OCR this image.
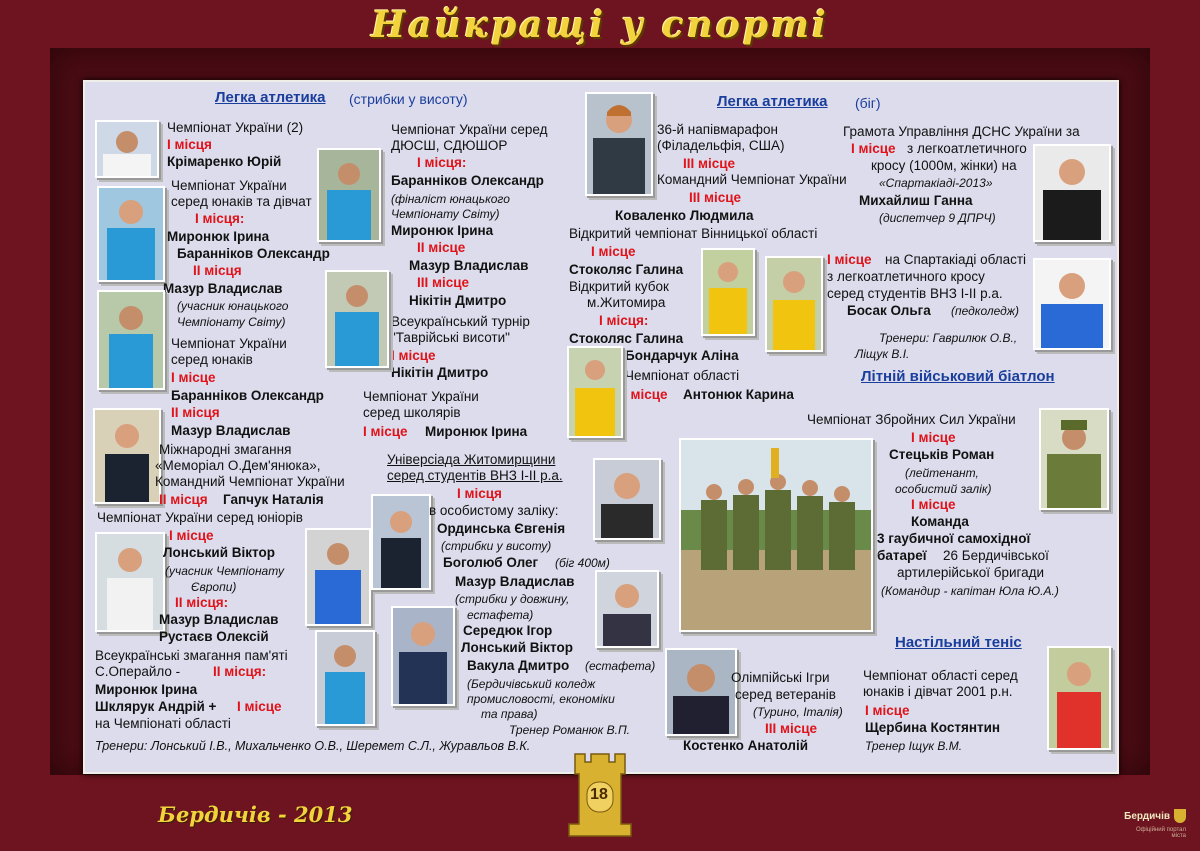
Найкращі у спорті
Легка атлетика (стрибки у висоту)
Чемпіонат України (2)
І місця
Крімаренко Юрій
Чемпіонат України
серед юнаків та дівчат
І місця:
Миронюк Ірина
Баранніков Олександр
ІІ місця
Мазур Владислав
(учасник юнацького
Чемпіонату Світу)
Чемпіонат України
серед юнаків
І місце
Баранніков Олександр
ІІ місця
Мазур Владислав
Міжнародні змагання
«Меморіал О.Дем'янюка»,
Командний Чемпіонат України
ІІ місця Гапчук Наталія
Чемпіонат України серед юніорів
І місце
Лонський Віктор
(учасник Чемпіонату
Європи)
ІІ місця:
Мазур Владислав
Рустаєв Олексій
Всеукраїнські змагання пам'яті
С.Операйло - ІІ місця:
Миронюк Ірина
Шклярук Андрій + І місце
на Чемпіонаті області
Чемпіонат України серед
ДЮСШ, СДЮШОР
І місця:
Баранніков Олександр
(фіналіст юнацького
Чемпіонату Світу)
Миронюк Ірина
ІІ місце
Мазур Владислав
ІІІ місце
Нікітін Дмитро
Всеукраїнський турнір
"Таврійські висоти"
І місце
Нікітін Дмитро
Чемпіонат України
серед школярів
І місце Миронюк Ірина
Тренери: Лонський І.В., Михальченко О.В., Шеремет С.Л., Журавльов В.К.
Універсіада Житомирщини
серед студентів ВНЗ І-ІІ р.а.
І місця
в особистому заліку:
Ординська Євгенія
(стрибки у висоту)
Боголюб Олег (біг 400м)
Мазур Владислав
(стрибки у довжину,
естафета)
Середюк Ігор
Лонський Віктор
Вакула Дмитро (естафета)
(Бердичівський коледж
промисловості, економіки
та права)
Тренер Романюк В.П.
Легка атлетика (біг)
36-й напівмарафон
(Філадельфія, США)
ІІІ місце
Командний Чемпіонат України
ІІІ місце
Коваленко Людмила
Відкритий чемпіонат Вінницької області
І місце
Стоколяс Галина
Відкритий кубок
м.Житомира
І місця:
Стоколяс Галина
Бондарчук Аліна
Чемпіонат області
І місце Антонюк Карина
Грамота Управління ДСНС України за
І місце з легкоатлетичного
кросу (1000м, жінки) на
«Спартакіаді-2013»
Михайлиш Ганна
(диспетчер 9 ДПРЧ)
І місце на Спартакіаді області
з легкоатлетичного кросу
серед студентів ВНЗ І-ІІ р.а.
Босак Ольга (педколедж)
Тренери: Гаврилюк О.В.,
Ліщук В.І.
Літній військовий біатлон
Чемпіонат Збройних Сил України
І місце
Стецьків Роман
(лейтенант,
особистий залік)
І місце
Команда
3 гаубичної самохідної
батареї 26 Бердичівської
артилерійської бригади
(Командир - капітан Юла Ю.А.)
Олімпійські Ігри
серед ветеранів
(Турино, Італія)
ІІІ місце
Костенко Анатолій
Настільний теніс
Чемпіонат області серед
юнаків і дівчат 2001 р.н.
І місце
Щербина Костянтин
Тренер Іщук В.М.
18
Бердичів - 2013	Бердичів
Офіційний портал міста
